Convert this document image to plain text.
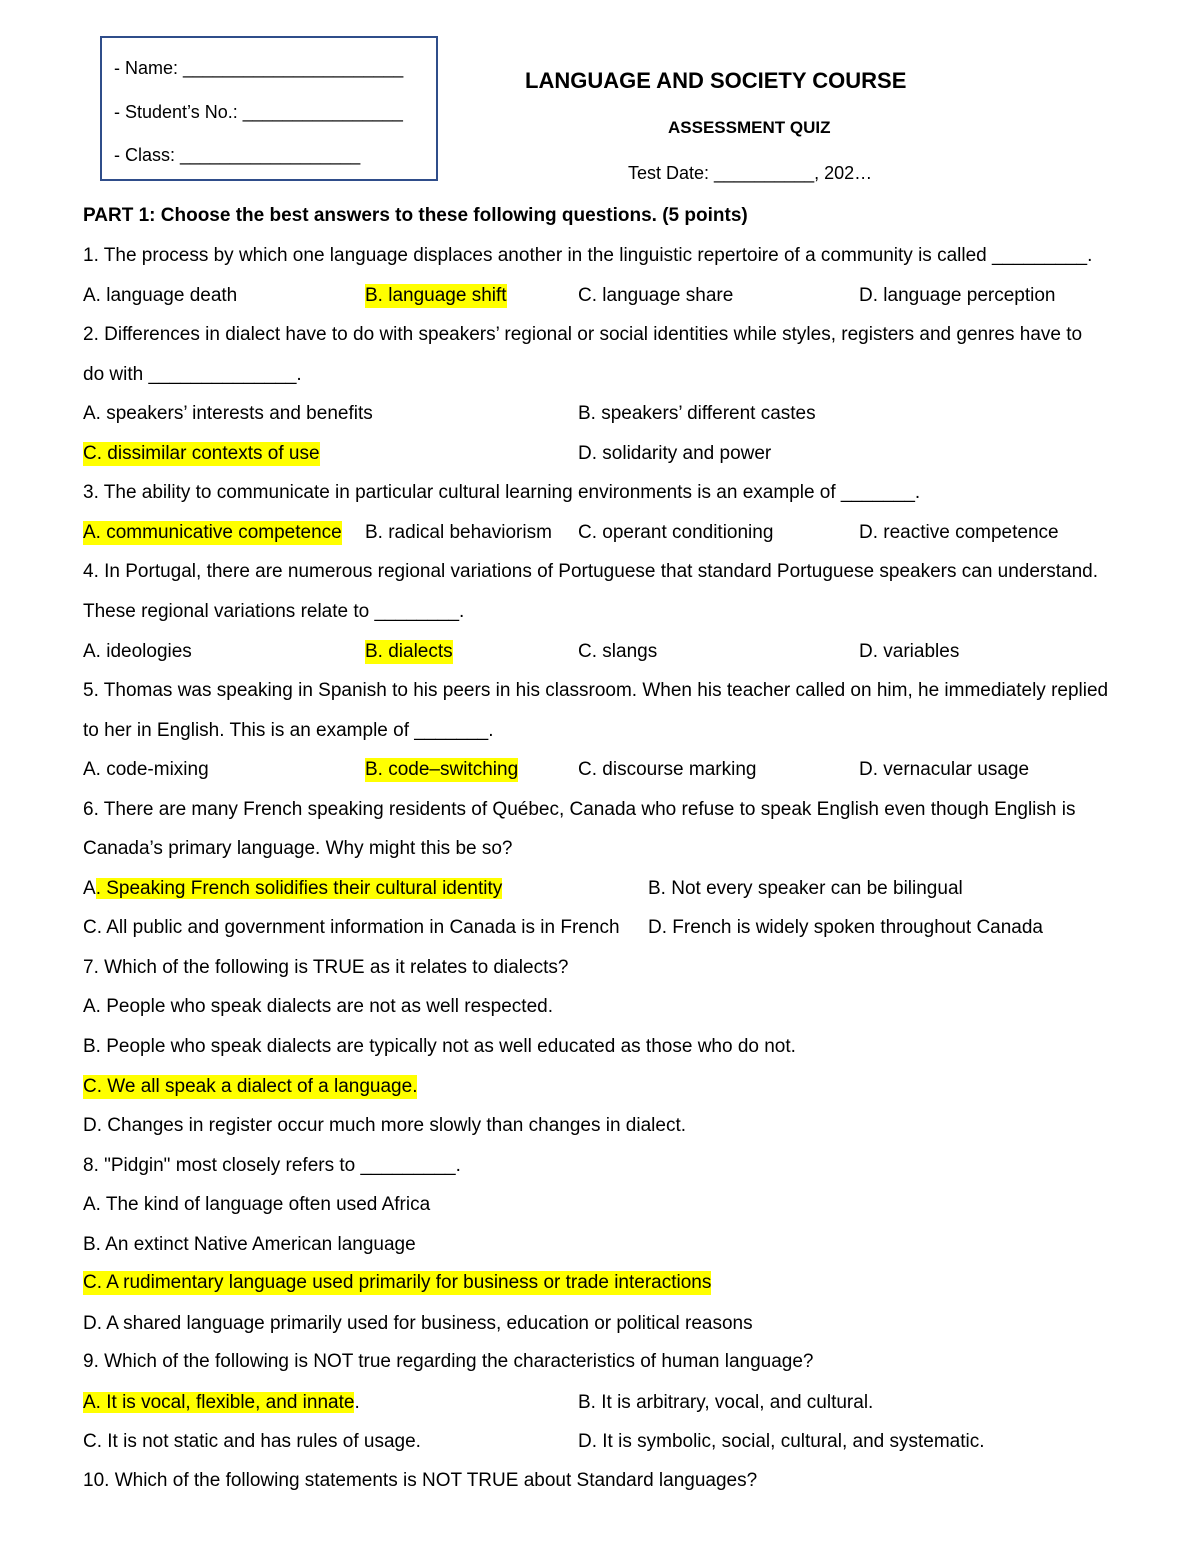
- Name: ______________________
- Student’s No.: ________________
- Class: __________________
LANGUAGE AND SOCIETY COURSE
ASSESSMENT QUIZ
Test Date: __________, 202…
PART 1: Choose the best answers to these following questions. (5 points)
1. The process by which one language displaces another in the linguistic repertoire of a community is called _________.
A. language death	B. language shift	C. language share	D. language perception
2. Differences in dialect have to do with speakers’ regional or social identities while styles, registers and genres have to
do with ______________.
A. speakers’ interests and benefits	B. speakers’ different castes
C. dissimilar contexts of use	D. solidarity and power
3. The ability to communicate in particular cultural learning environments is an example of _______.
A. communicative competence B. radical behaviorism C. operant conditioning	D. reactive competence
4. In Portugal, there are numerous regional variations of Portuguese that standard Portuguese speakers can understand.
These regional variations relate to ________.
A. ideologies	B. dialects	C. slangs	D. variables
5. Thomas was speaking in Spanish to his peers in his classroom. When his teacher called on him, he immediately replied
to her in English. This is an example of _______.
A. code-mixing	B. code–switching	C. discourse marking	D. vernacular usage
6. There are many French speaking residents of Québec, Canada who refuse to speak English even though English is
Canada’s primary language. Why might this be so?
A. Speaking French solidifies their cultural identity	B. Not every speaker can be bilingual
C. All public and government information in Canada is in French D. French is widely spoken throughout Canada
7. Which of the following is TRUE as it relates to dialects?
A. People who speak dialects are not as well respected.
B. People who speak dialects are typically not as well educated as those who do not.
C. We all speak a dialect of a language.
D. Changes in register occur much more slowly than changes in dialect.
8. "Pidgin" most closely refers to _________.
A. The kind of language often used Africa
B. An extinct Native American language
C. A rudimentary language used primarily for business or trade interactions
D. A shared language primarily used for business, education or political reasons
9. Which of the following is NOT true regarding the characteristics of human language?
A. It is vocal, flexible, and innate.	B. It is arbitrary, vocal, and cultural.
C. It is not static and has rules of usage.	D. It is symbolic, social, cultural, and systematic.
10. Which of the following statements is NOT TRUE about Standard languages?
